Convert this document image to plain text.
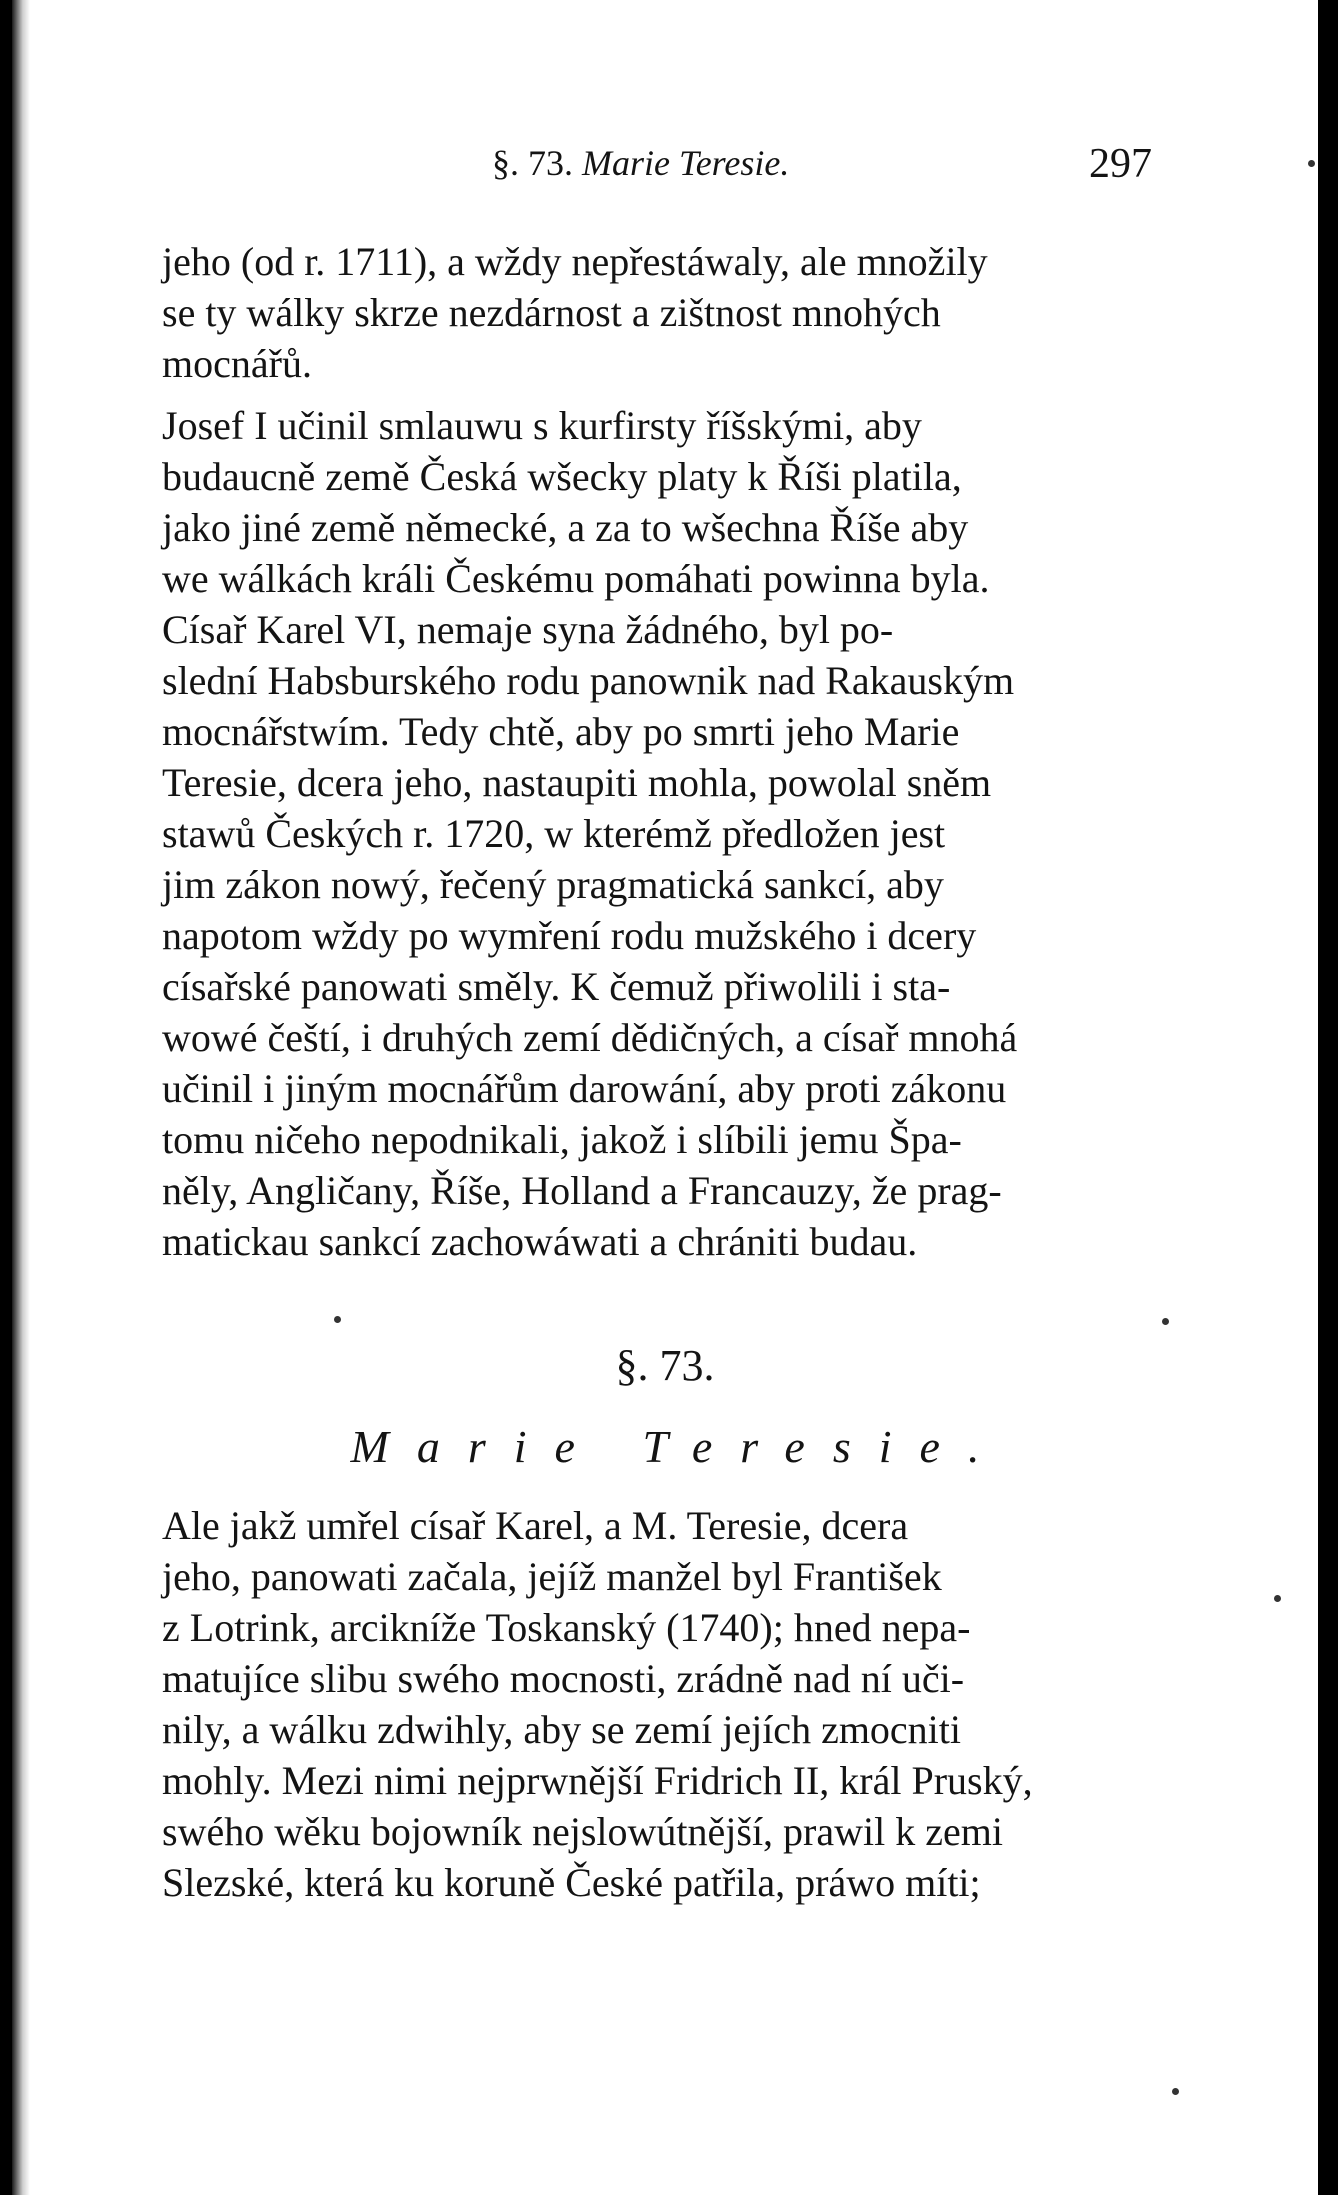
§. 73. Marie Teresie.	297

jeho (od r. 1711), a wždy nepřestáwaly, ale množily
se ty wálky skrze nezdárnost a zištnost mnohých
mocnářů.

Josef I učinil smlauwu s kurfirsty říšskými, aby
budaucně země Česká wšecky platy k Říši platila,
jako jiné země německé, a za to wšechna Říše aby
we wálkách králi Českému pomáhati powinna byla.
Císař Karel VI, nemaje syna žádného, byl po-
slední Habsburského rodu panownik nad Rakauským
mocnářstwím. Tedy chtě, aby po smrti jeho Marie
Teresie, dcera jeho, nastaupiti mohla, powolal sněm
stawů Českých r. 1720, w kterémž předložen jest
jim zákon nowý, řečený pragmatická sankcí, aby
napotom wždy po wymření rodu mužského i dcery
císařské panowati směly. K čemuž přiwolili i sta-
wowé čeští, i druhých zemí dědičných, a císař mnohá
učinil i jiným mocnářům darowání, aby proti zákonu
tomu ničeho nepodnikali, jakož i slíbili jemu Špa-
něly, Angličany, Říše, Holland a Francauzy, že prag-
matickau sankcí zachowáwati a chrániti budau.

§. 73.
Marie Teresie.

Ale jakž umřel císař Karel, a M. Teresie, dcera
jeho, panowati začala, jejíž manžel byl František
z Lotrink, arcikníže Toskanský (1740); hned nepa-
matujíce slibu swého mocnosti, zrádně nad ní uči-
nily, a wálku zdwihly, aby se zemí jejích zmocniti
mohly. Mezi nimi nejprwnější Fridrich II, král Pruský,
swého wěku bojowník nejslowútnější, prawil k zemi
Slezské, která ku koruně České patřila, práwo míti;
